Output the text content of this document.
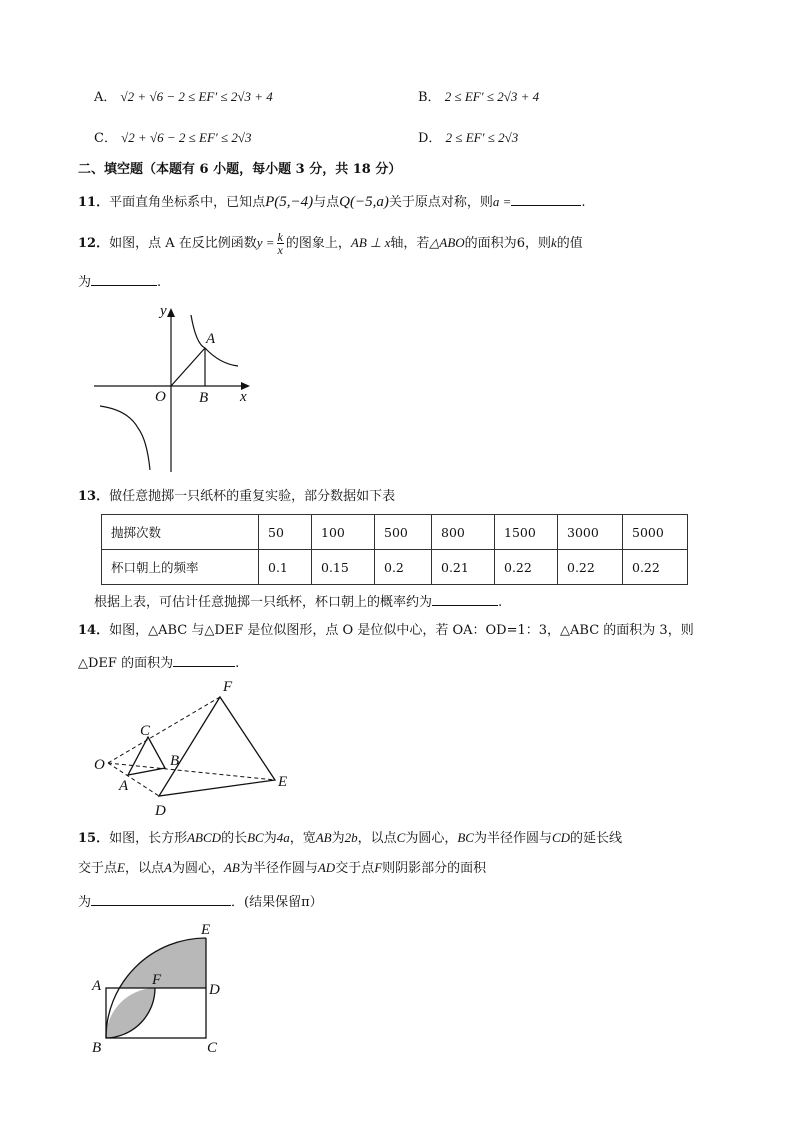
A． √2 + √6 − 2 ≤ EF′ ≤ 2√3 + 4	B． 2 ≤ EF′ ≤ 2√3 + 4
C． √2 + √6 − 2 ≤ EF′ ≤ 2√3	D． 2 ≤ EF′ ≤ 2√3
二、填空题（本题有 6 小题，每小题 3 分，共 18 分）
11．平面直角坐标系中，已知点P(5,−4)与点Q(−5,a)关于原点对称，则a =	.
12．如图，点 A 在反比例函数$y = \frac{k}{x}$ 的图象上，AB ⊥ x轴，若△ABO的面积为6，则k的值
为	.
y
x
A
O B
13．做任意抛掷一只纸杯的重复实验，部分数据如下表
抛掷次数	50	100	500	800	1500	3000	5000
杯口朝上的频率	0.1	0.15	0.2	0.21	0.22	0.22	0.22
根据上表，可估计任意抛掷一只纸杯，杯口朝上的概率约为	.
14．如图，△ABC 与△DEF 是位似图形，点 O 是位似中心，若 OA：OD=1：3，△ABC 的面积为 3，则
△DEF 的面积为	.
F
C
B
O
A	E
D
15．如图，长方形ABCD的长BC为4a，宽AB为2b，以点C为圆心，BC为半径作圆与CD的延长线
交于点E，以点A为圆心，AB为半径作圆与AD交于点F则阴影部分的面积
为	．(结果保留π）
E
A	F
D
B	C
